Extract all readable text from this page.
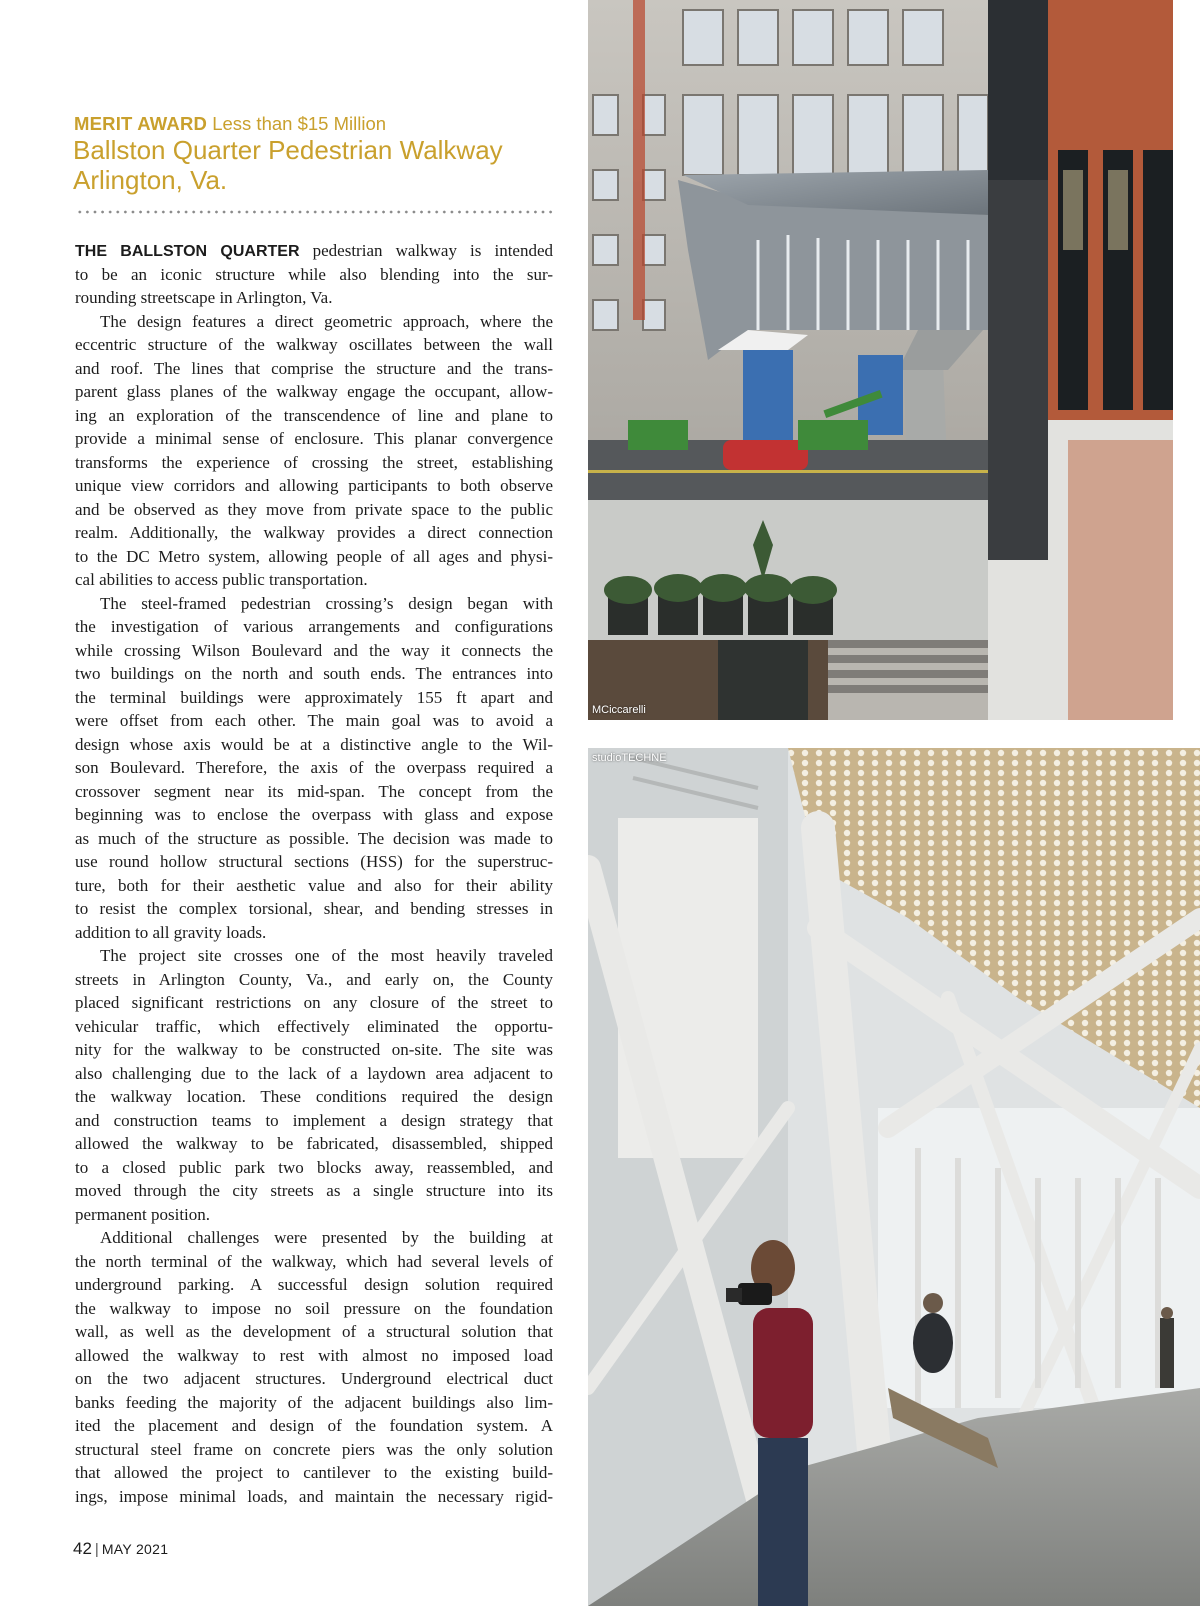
MERIT AWARD Less than $15 Million
Ballston Quarter Pedestrian Walkway
Arlington, Va.
THE BALLSTON QUARTER pedestrian walkway is intended
to be an iconic structure while also blending into the sur-
rounding streetscape in Arlington, Va.
The design features a direct geometric approach, where the
eccentric structure of the walkway oscillates between the wall
and roof. The lines that comprise the structure and the trans-
parent glass planes of the walkway engage the occupant, allow-
ing an exploration of the transcendence of line and plane to
provide a minimal sense of enclosure. This planar convergence
transforms the experience of crossing the street, establishing
unique view corridors and allowing participants to both observe
and be observed as they move from private space to the public
realm. Additionally, the walkway provides a direct connection
to the DC Metro system, allowing people of all ages and physi-
cal abilities to access public transportation.
The steel-framed pedestrian crossing’s design began with
the investigation of various arrangements and configurations
while crossing Wilson Boulevard and the way it connects the
two buildings on the north and south ends. The entrances into
the terminal buildings were approximately 155 ft apart and
were offset from each other. The main goal was to avoid a
design whose axis would be at a distinctive angle to the Wil-
son Boulevard. Therefore, the axis of the overpass required a
crossover segment near its mid-span. The concept from the
beginning was to enclose the overpass with glass and expose
as much of the structure as possible. The decision was made to
use round hollow structural sections (HSS) for the superstruc-
ture, both for their aesthetic value and also for their ability
to resist the complex torsional, shear, and bending stresses in
addition to all gravity loads.
The project site crosses one of the most heavily traveled
streets in Arlington County, Va., and early on, the County
placed significant restrictions on any closure of the street to
vehicular traffic, which effectively eliminated the opportu-
nity for the walkway to be constructed on-site. The site was
also challenging due to the lack of a laydown area adjacent to
the walkway location. These conditions required the design
and construction teams to implement a design strategy that
allowed the walkway to be fabricated, disassembled, shipped
to a closed public park two blocks away, reassembled, and
moved through the city streets as a single structure into its
permanent position.
Additional challenges were presented by the building at
the north terminal of the walkway, which had several levels of
underground parking. A successful design solution required
the walkway to impose no soil pressure on the foundation
wall, as well as the development of a structural solution that
allowed the walkway to rest with almost no imposed load
on the two adjacent structures. Underground electrical duct
banks feeding the majority of the adjacent buildings also lim-
ited the placement and design of the foundation system. A
structural steel frame on concrete piers was the only solution
that allowed the project to cantilever to the existing build-
ings, impose minimal loads, and maintain the necessary rigid-
MCiccarelli
studioTECHNE
42 | MAY 2021
